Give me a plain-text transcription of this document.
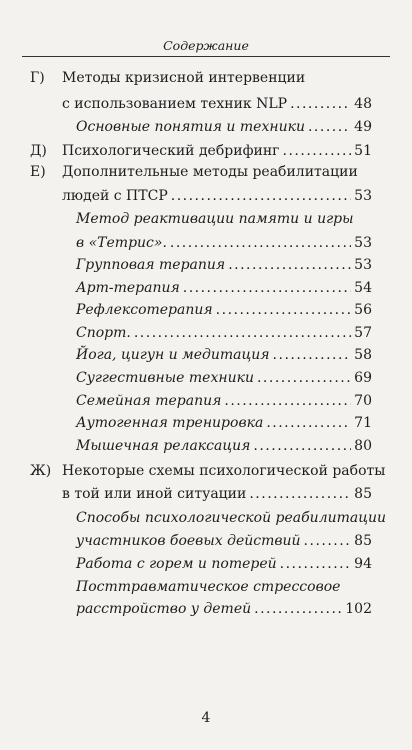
Содержание
Г) Методы кризисной интервенции
с использованием техник NLP .....	48
Основные понятия и техники .....	49
Д) Психологический дебрифинг .....	51
Е) Дополнительные методы реабилитации
людей с ПТСР .....	53
Метод реактивации памяти и игры
в «Тетрис». .....	53
Групповая терапия .....	53
Арт-терапия .....	54
Рефлексотерапия .....	56
Спорт. .....	57
Йога, цигун и медитация .....	58
Суггестивные техники .....	69
Семейная терапия .....	70
Аутогенная тренировка .....	71
Мышечная релаксация .....	80
Ж) Некоторые схемы психологической работы
в той или иной ситуации .....	85
Способы психологической реабилитации
участников боевых действий .....	85
Работа с горем и потерей .....	94
Посттравматическое стрессовое
расстройство у детей .....	102
4
